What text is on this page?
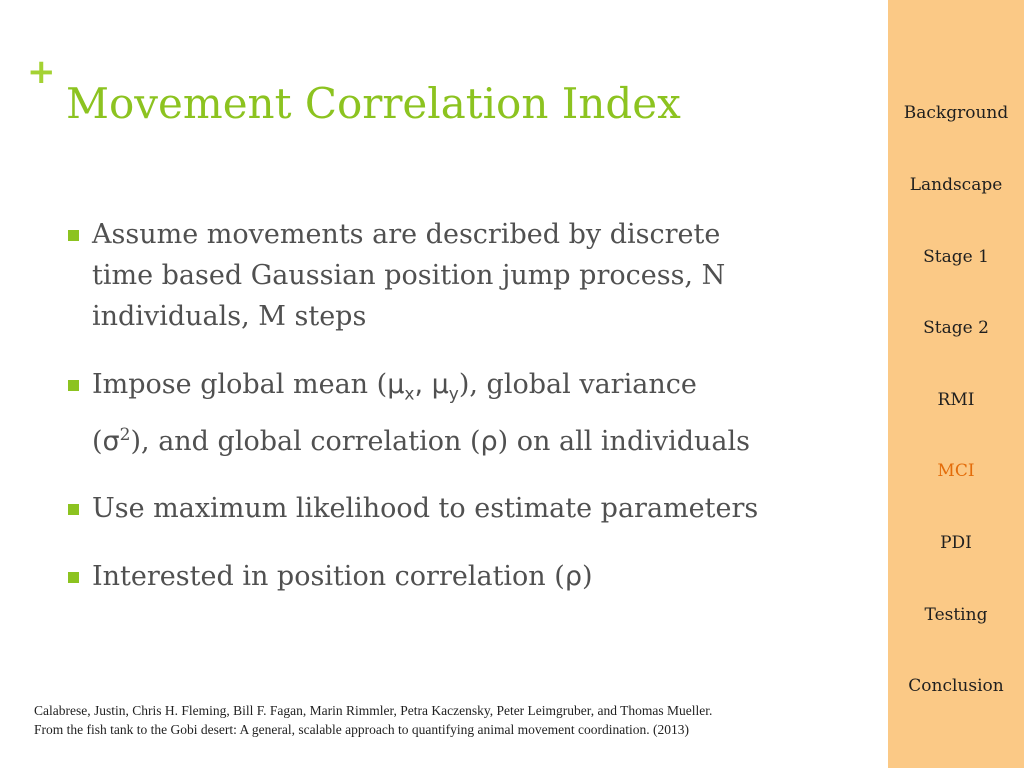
+
Movement Correlation Index
Assume movements are described by discrete
time based Gaussian position jump process, N
individuals, M steps
Impose global mean ($\mu_x$, $\mu_y$), global variance
$(\sigma^2)$, and global correlation (ρ) on all individuals
Use maximum likelihood to estimate parameters
Interested in position correlation (ρ)
Calabrese, Justin, Chris H. Fleming, Bill F. Fagan, Marin Rimmler, Petra Kaczensky, Peter Leimgruber, and Thomas Mueller.
From the fish tank to the Gobi desert: A general, scalable approach to quantifying animal movement coordination. (2013)
Background
Landscape
Stage 1
Stage 2
RMI
MCI
PDI
Testing
Conclusion
